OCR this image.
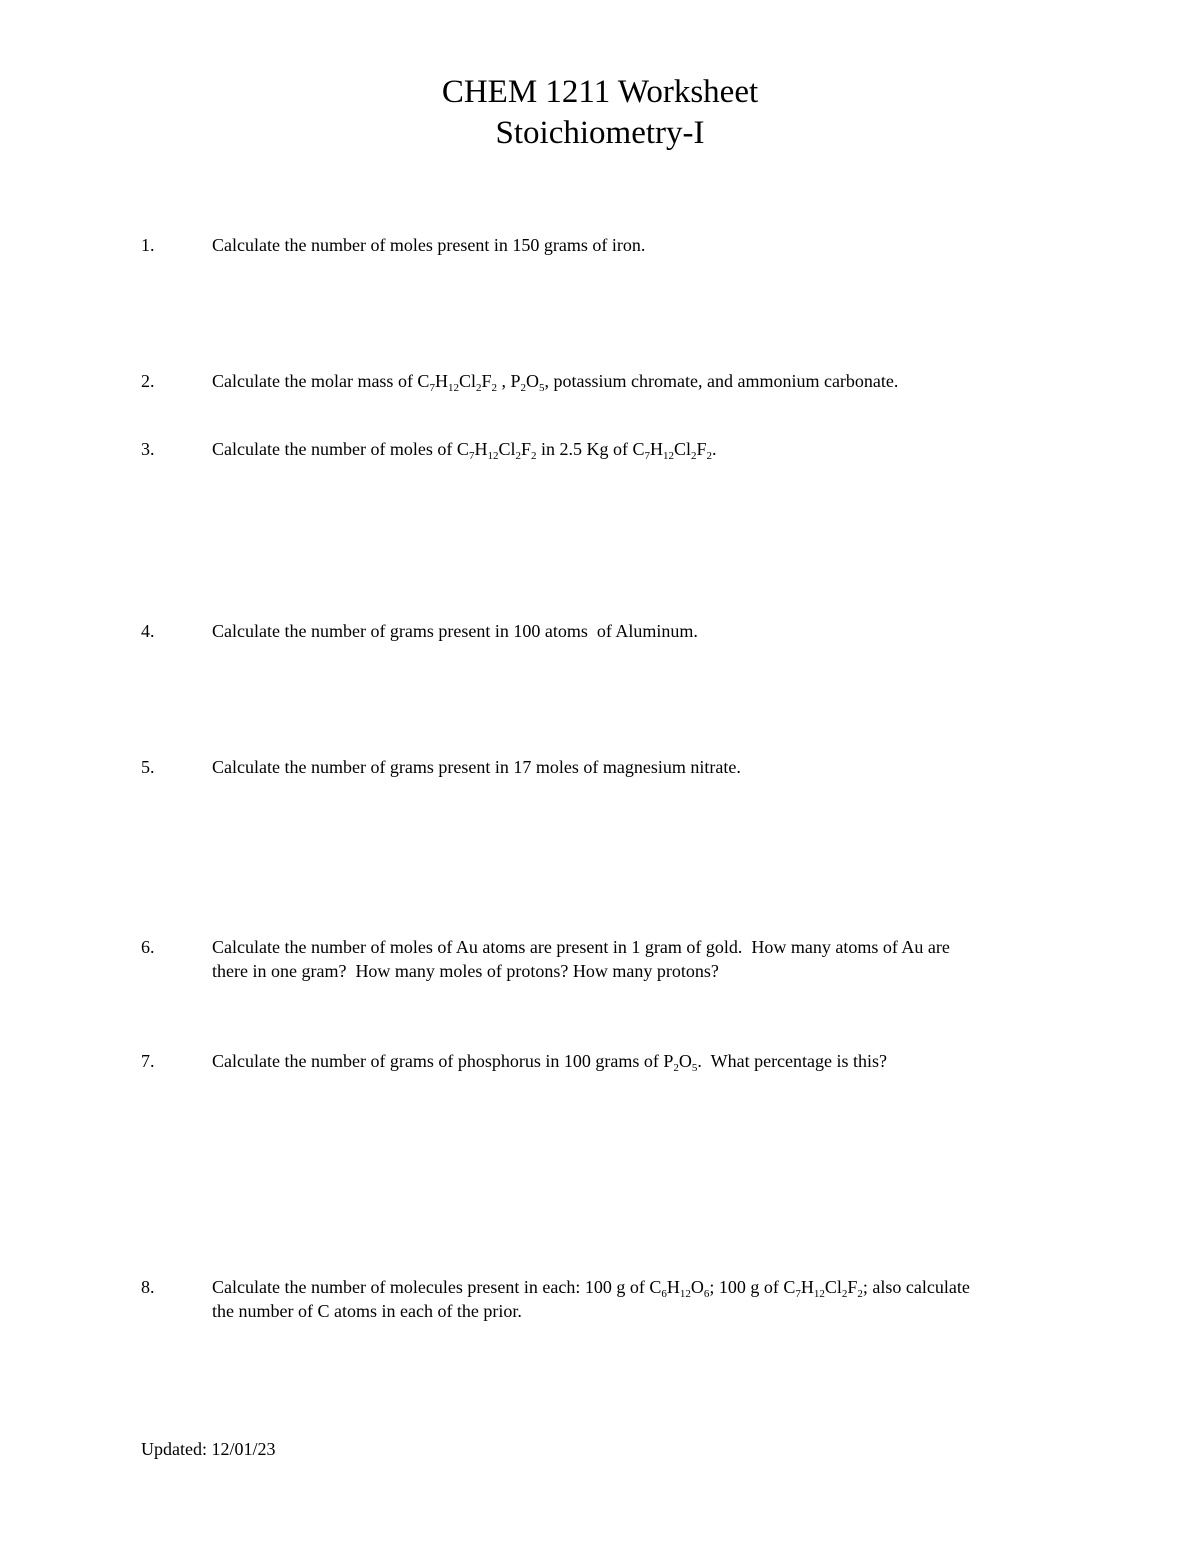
CHEM 1211 Worksheet
Stoichiometry-I
1.	Calculate the number of moles present in 150 grams of iron.
2.	Calculate the molar mass of $C_7H_{12}Cl_2F_2$ , $P_2O_5$, potassium chromate, and ammonium carbonate.
3.	Calculate the number of moles of $C_7H_{12}Cl_2F_2$ in 2.5 Kg of $C_7H_{12}Cl_2F_2$.
4.	Calculate the number of grams present in 100 atoms  of Aluminum.
5.	Calculate the number of grams present in 17 moles of magnesium nitrate.
6.	Calculate the number of moles of Au atoms are present in 1 gram of gold.  How many atoms of Au are
there in one gram?  How many moles of protons? How many protons?
7.	Calculate the number of grams of phosphorus in 100 grams of $P_2O_5$.  What percentage is this?
8.	Calculate the number of molecules present in each: 100 g of $C_6H_{12}O_6$; 100 g of $C_7H_{12}Cl_2F_2$; also calculate
the number of C atoms in each of the prior.
Updated: 12/01/23
